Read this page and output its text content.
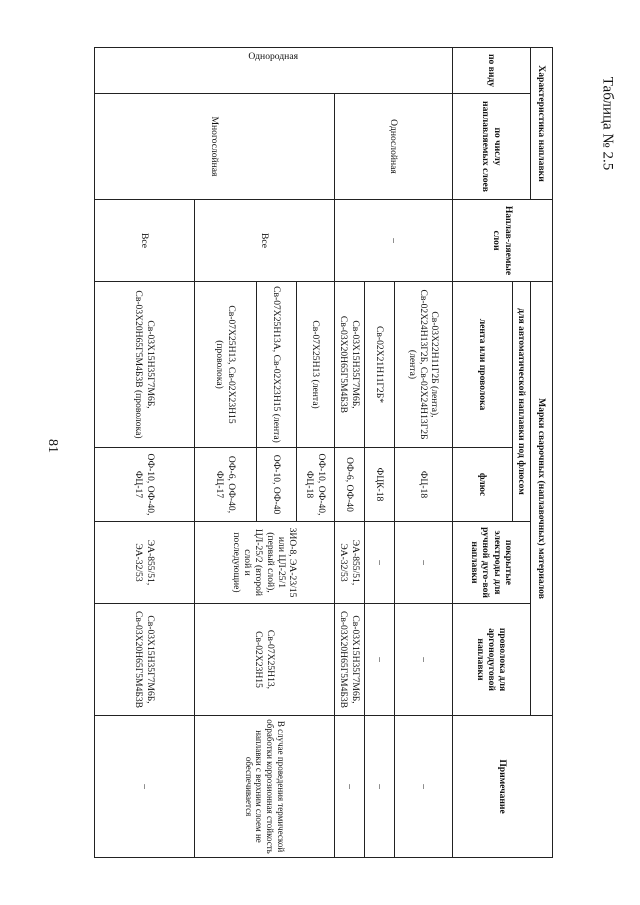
81
Таблица № 2.5
Характеристика наплавки		Наплав-ляемые слои	Марки сварочных (наплавочных) материалов				Примечание
по виду	по числу наплавляемых слоев		для автоматической наплавки под флюсом		покрытые электроды для ручной дуго-вой наплавки	проволока для аргонодуговой наплавки	
			лента или проволока	флюс			

Однородная	Однослойная	–	Св-03Х22Н11Г2Б (лента), Св-02Х24Н13Г2Б, Св-02Х24Н13Г2Б (лента)	ФЦ-18	–	–	–
			Св-02Х21Н11Г2Б*	ФЦК-18	–	–	–
			Св-03Х15Н35Г7М6Б, Св-03Х20Н65Г5М4Б3В	ОФ-6, ОФ-40	ЭА-855/51, ЭА-32/53	Св-03Х15Н35Г7М6Б, Св-03Х20Н65Г5М4Б3В	–
	Многослойная	Все	Св-07Х25Н13 (лента)	ОФ-10, ОФ-40, ФЦ-18	ЗИО-8, ЭА-23/15 или ЦЛ-25/1 (первый слой), ЦЛ-25/2 (второй слой и последующие)	Св-07Х25Н13, Св-02Х23Н15	В случае проведения термической обработки коррозионная стойкость наплавки с верхним слоем не обеспечивается
			Св-07Х25Н13А, Св-02Х23Н15 (лента)	ОФ-10, ОФ-40			
			Св-07Х25Н13, Св-02Х23Н15 (проволока)	ОФ-6, ОФ-40, ФЦ-17			
		Все	Св-03Х15Н35Г7М6Б, Св-03Х20Н65Г5М4Б3В (проволока)	ОФ-10, ОФ-40, ФЦ-17	ЭА-855/51, ЭА-32/53	Св-03Х15Н35Г7М6Б, Св-03Х20Н65Г5М4Б3В	–
